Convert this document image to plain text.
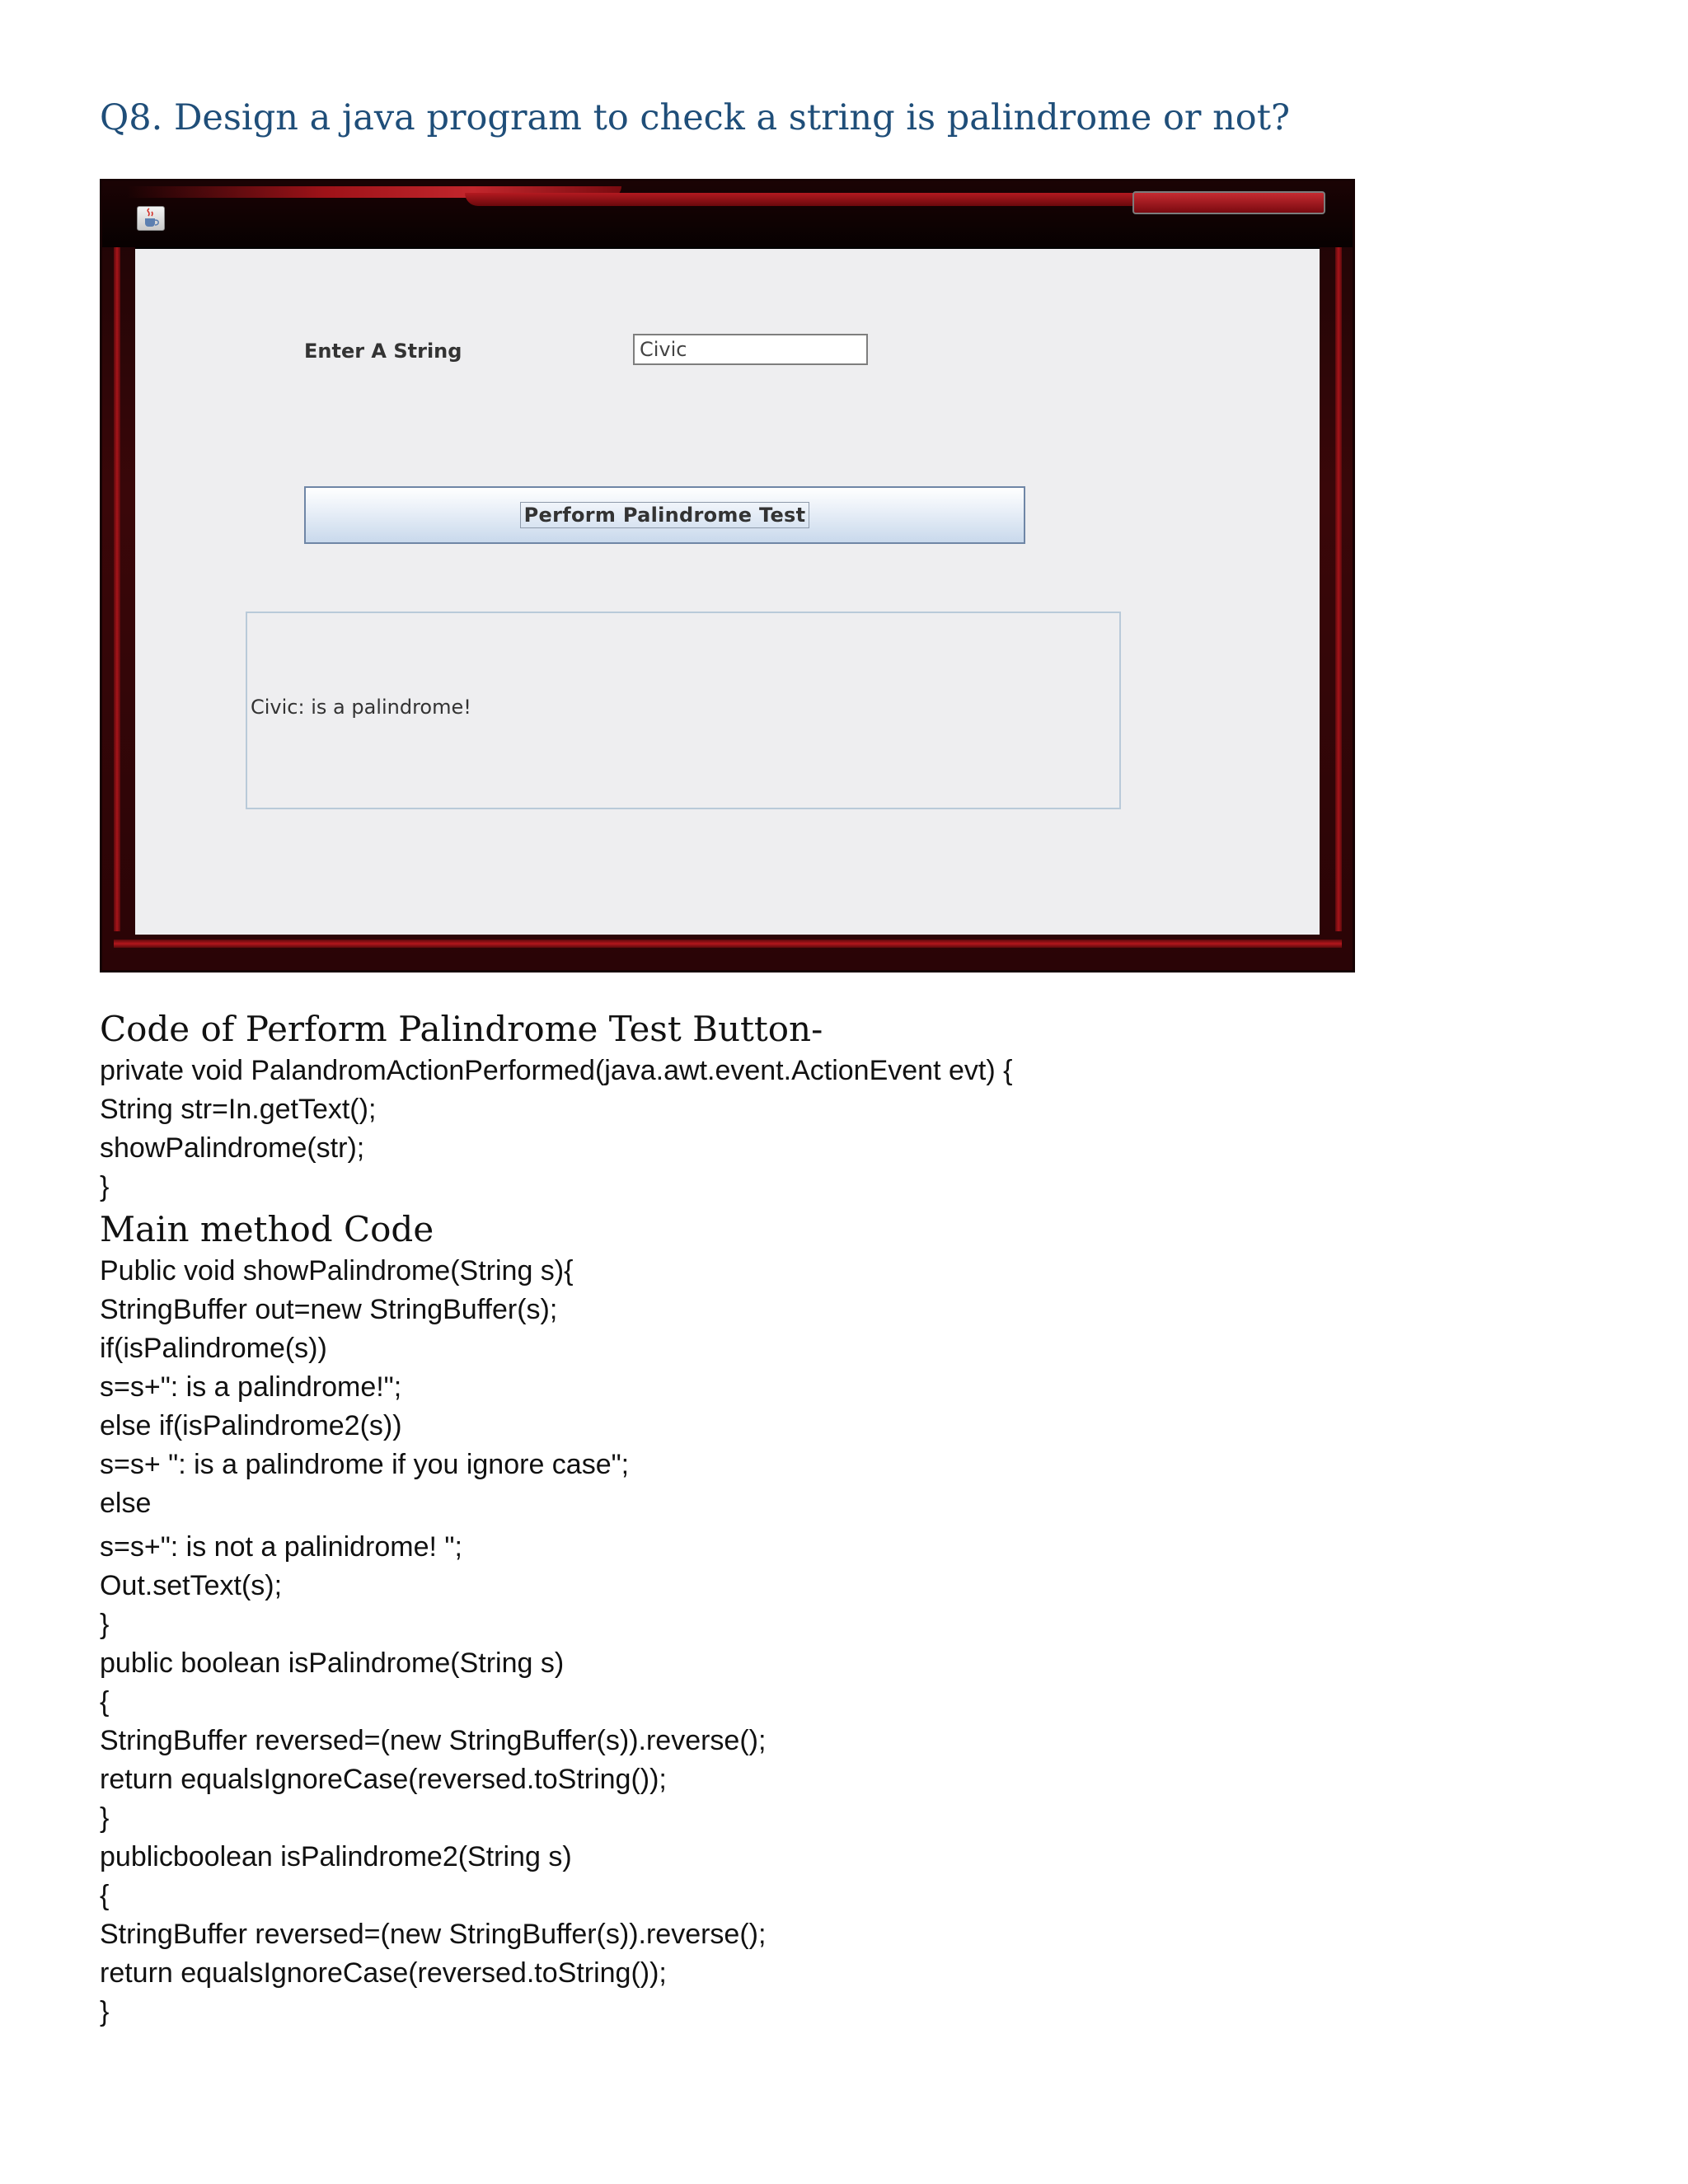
Q8. Design a java program to check a string is palindrome or not?
Enter A String
Civic
Perform Palindrome Test
Civic: is a palindrome!
Code of Perform Palindrome Test Button-

private void PalandromActionPerformed(java.awt.event.ActionEvent evt) {

String str=In.getText();

showPalindrome(str);

}

Main method Code

Public void showPalindrome(String s){

StringBuffer out=new StringBuffer(s);

if(isPalindrome(s))

s=s+": is a palindrome!";

else if(isPalindrome2(s))

s=s+ ": is a palindrome if you ignore case";

else

s=s+": is not a palinidrome! ";

Out.setText(s);

}

public boolean isPalindrome(String s)

{

StringBuffer reversed=(new StringBuffer(s)).reverse();

return equalsIgnoreCase(reversed.toString());

}

publicboolean isPalindrome2(String s)

{

StringBuffer reversed=(new StringBuffer(s)).reverse();

return equalsIgnoreCase(reversed.toString());

}
